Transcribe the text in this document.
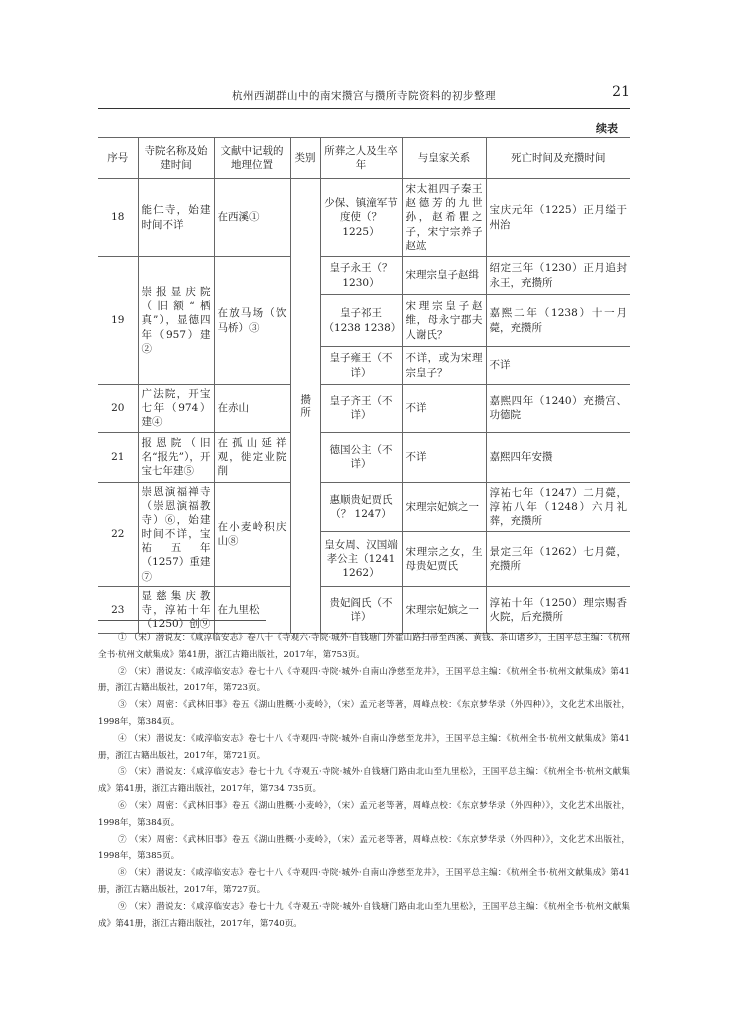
杭州西湖群山中的南宋攒宫与攒所寺院资料的初步整理	21
续表
序号	寺院名称及始建时间	文献中记载的地理位置	类别	所葬之人及生卒年	与皇家关系	死亡时间及充攒时间
18	能仁寺，始建时间不详	在西溪①	攒所	少保、镇潼军节度使（？ 1225）	宋太祖四子秦王赵德芳的九世孙，赵希瞿之子，宋宁宗养子赵竑	宝庆元年（1225）正月缢于州治
19	崇报显庆院（旧额“栖真”），显德四年（957）建②	在放马场（饮马桥）③		皇子永王（？ 1230）	宋理宗皇子赵缉	绍定三年（1230）正月追封永王，充攒所
				皇子祁王（1238 1238）	宋理宗皇子赵维，母永宁郡夫人谢氏？	嘉熙二年（1238）十一月薨，充攒所
				皇子雍王（不详）	不详，或为宋理宗皇子？	不详
20	广法院，开宝七年（974）建④	在赤山		皇子齐王（不详）	不详	嘉熙四年（1240）充攒宫、功德院
21	报恩院（旧名“报先”），开宝七年建⑤	在孤山延祥观，徙定业院削		德国公主（不详）	不详	嘉熙四年安攒
22	崇恩演福禅寺（崇恩演福教寺）⑥，始建时间不详，宝祐五年（1257）重建⑦	在小麦岭积庆山⑧		惠顺贵妃贾氏（？ 1247）	宋理宗妃嫔之一	淳祐七年（1247）二月薨，淳祐八年（1248）六月礼葬，充攒所
				皇女周、汉国端孝公主（1241 1262）	宋理宗之女，生母贵妃贾氏	景定三年（1262）七月薨，充攒所
23	显慈集庆教寺，淳祐十年（1250）创⑨	在九里松		贵妃阎氏（不详）	宋理宗妃嫔之一	淳祐十年（1250）理宗赐香火院，后充攒所

① （宋）潜说友：《咸淳临安志》卷八十《寺观六·寺院·城外·自钱塘门外霍山路扫帚至西溪、黄钱、茶山诸乡》，王国平总主编：《杭州全书·杭州文献集成》第41册，浙江古籍出版社，2017年，第753页。

② （宋）潜说友：《咸淳临安志》卷七十八《寺观四·寺院·城外·自南山净慈至龙井》，王国平总主编：《杭州全书·杭州文献集成》第41册，浙江古籍出版社，2017年，第723页。

③ （宋）周密：《武林旧事》卷五《湖山胜概·小麦岭》，（宋）孟元老等著，周峰点校：《东京梦华录（外四种）》，文化艺术出版社，1998年，第384页。

④ （宋）潜说友：《咸淳临安志》卷七十八《寺观四·寺院·城外·自南山净慈至龙井》，王国平总主编：《杭州全书·杭州文献集成》第41册，浙江古籍出版社，2017年，第721页。

⑤ （宋）潜说友：《咸淳临安志》卷七十九《寺观五·寺院·城外·自钱塘门路由北山至九里松》，王国平总主编：《杭州全书·杭州文献集成》第41册，浙江古籍出版社，2017年，第734 735页。

⑥ （宋）周密：《武林旧事》卷五《湖山胜概·小麦岭》，（宋）孟元老等著，周峰点校：《东京梦华录（外四种）》，文化艺术出版社，1998年，第384页。

⑦ （宋）周密：《武林旧事》卷五《湖山胜概·小麦岭》，（宋）孟元老等著，周峰点校：《东京梦华录（外四种）》，文化艺术出版社，1998年，第385页。

⑧ （宋）潜说友：《咸淳临安志》卷七十八《寺观四·寺院·城外·自南山净慈至龙井》，王国平总主编：《杭州全书·杭州文献集成》第41册，浙江古籍出版社，2017年，第727页。

⑨ （宋）潜说友：《咸淳临安志》卷七十九《寺观五·寺院·城外·自钱塘门路由北山至九里松》，王国平总主编：《杭州全书·杭州文献集成》第41册，浙江古籍出版社，2017年，第740页。
